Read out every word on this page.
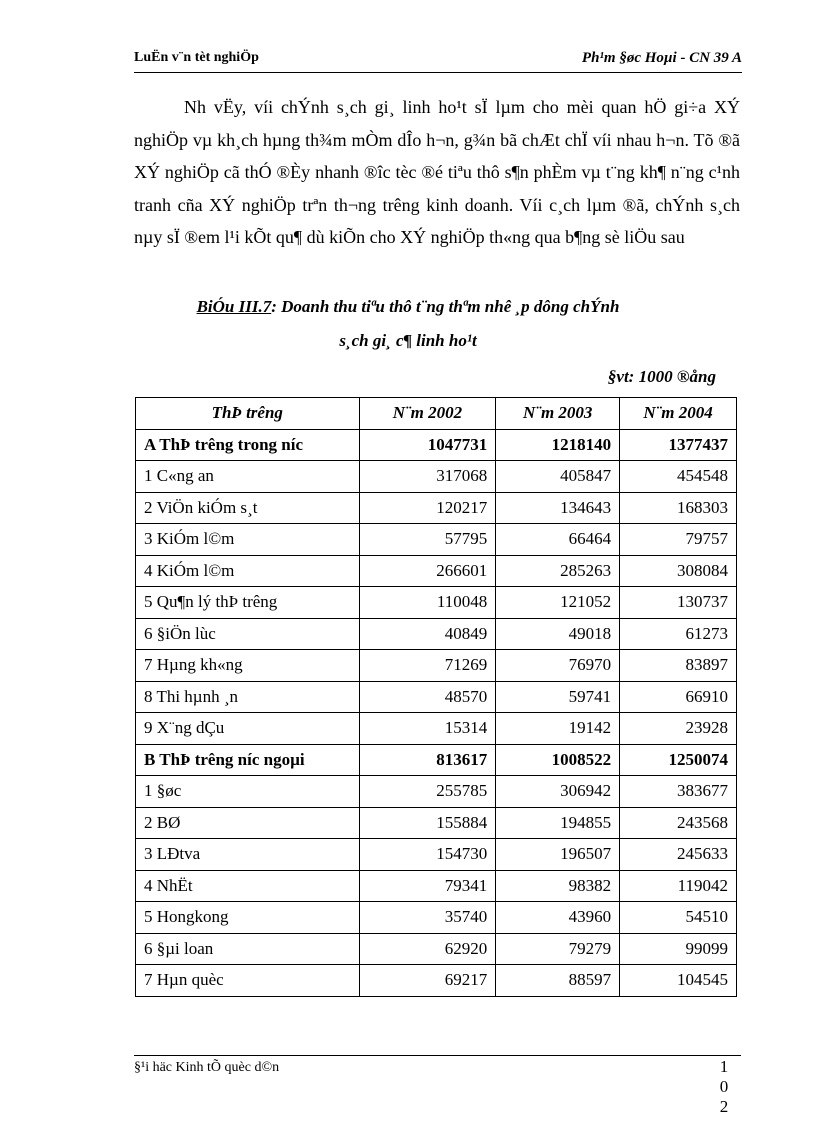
LuËn v¨n tèt nghiÖp	Ph¹m §øc Hoµi - CN 39 A

Nh vËy, víi chÝnh s¸ch gi¸ linh ho¹t sÏ lµm cho mèi quan hÖ gi÷a XÝ nghiÖp vµ kh¸ch hµng th¾m mÒm dÎo h¬n, g¾n bã chÆt chÏ víi nhau h¬n. Tõ ®ã XÝ nghiÖp cã thÓ ®Èy nhanh ®îc tèc ®é tiªu thô s¶n phÈm vµ t¨ng kh¶ n¨ng c¹nh tranh cña XÝ nghiÖp trªn th¬ng trêng kinh doanh. Víi c¸ch lµm ®ã, chÝnh s¸ch nµy sÏ ®em l¹i kÕt qu¶ dù kiÕn cho XÝ nghiÖp th«ng qua b¶ng sè liÖu sau

BiÓu III.7: Doanh thu tiªu thô t¨ng thªm nhê ¸p dông chÝnh
s¸ch gi¸ c¶ linh ho¹t
§vt: 1000 ®ång
ThÞ trêng	N¨m 2002	N¨m 2003	N¨m 2004
A ThÞ trêng trong níc	1047731	1218140	1377437
1 C«ng an	317068	405847	454548
2 ViÖn kiÓm s¸t	120217	134643	168303
3 KiÓm l©m	57795	66464	79757
4 KiÓm l©m	266601	285263	308084
5 Qu¶n lý thÞ trêng	110048	121052	130737
6 §iÖn lùc	40849	49018	61273
7 Hµng kh«ng	71269	76970	83897
8 Thi hµnh ¸n	48570	59741	66910
9 X¨ng dÇu	15314	19142	23928
B ThÞ trêng níc ngoµi	813617	1008522	1250074
1 §øc	255785	306942	383677
2 BØ	155884	194855	243568
3 LÐtva	154730	196507	245633
4 NhËt	79341	98382	119042
5 Hongkong	35740	43960	54510
6 §µi loan	62920	79279	99099
7 Hµn quèc	69217	88597	104545
§¹i häc Kinh tÕ quèc d©n	1
0
2
